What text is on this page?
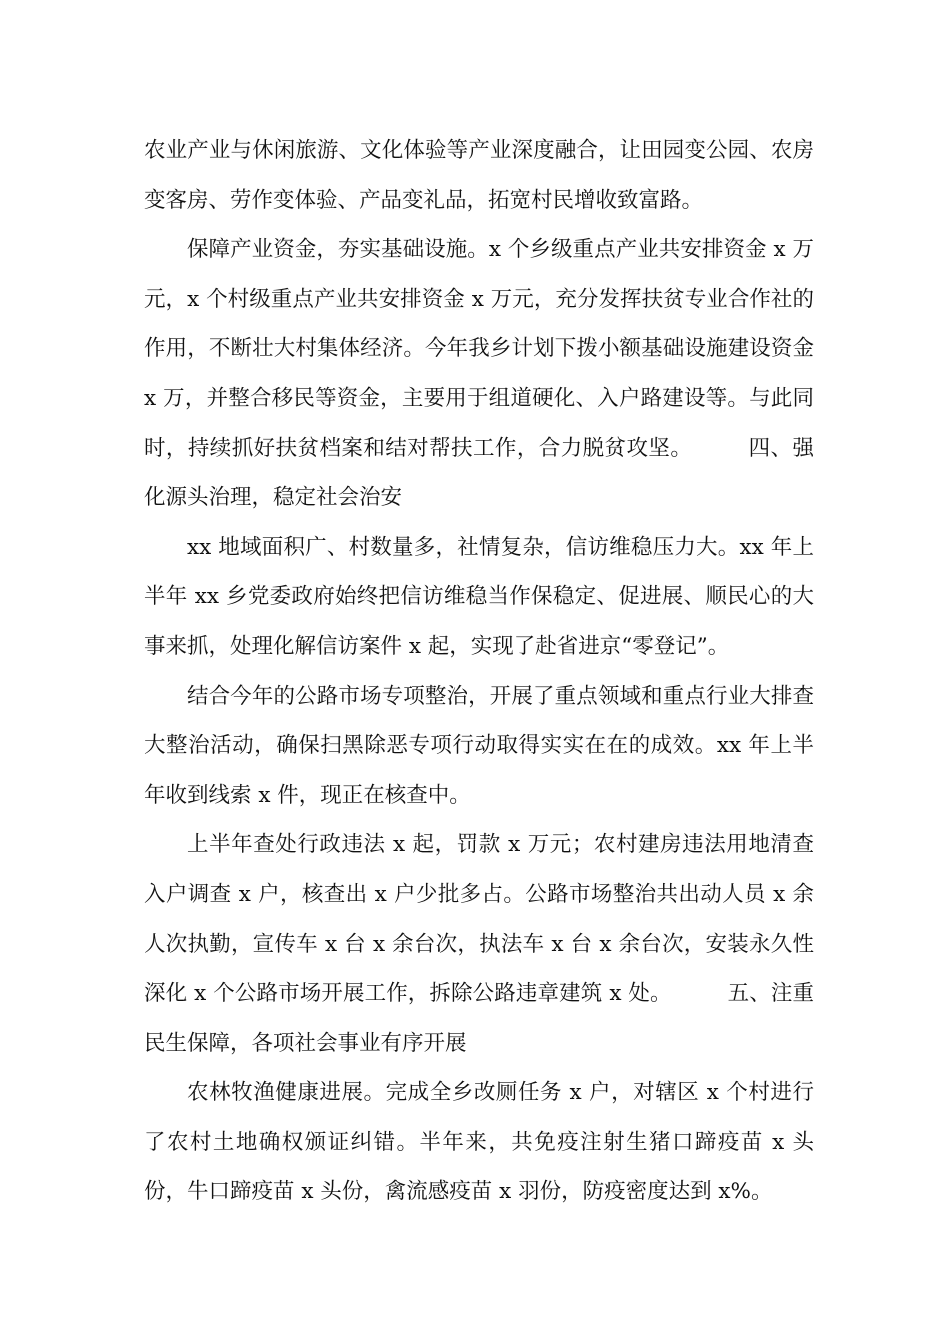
农业产业与休闲旅游、文化体验等产业深度融合，让田园变公园、农房变客房、劳作变体验、产品变礼品，拓宽村民增收致富路。

保障产业资金，夯实基础设施。x 个乡级重点产业共安排资金 x 万元，x 个村级重点产业共安排资金 x 万元，充分发挥扶贫专业合作社的作用，不断壮大村集体经济。今年我乡计划下拨小额基础设施建设资金 x 万，并整合移民等资金，主要用于组道硬化、入户路建设等。与此同时，持续抓好扶贫档案和结对帮扶工作，合力脱贫攻坚。	四、强化源头治理，稳定社会治安

xx 地域面积广、村数量多，社情复杂，信访维稳压力大。xx 年上半年 xx 乡党委政府始终把信访维稳当作保稳定、促进展、顺民心的大事来抓，处理化解信访案件 x 起，实现了赴省进京“零登记”。

结合今年的公路市场专项整治，开展了重点领域和重点行业大排查大整治活动，确保扫黑除恶专项行动取得实实在在的成效。xx 年上半年收到线索 x 件，现正在核查中。

上半年查处行政违法 x 起，罚款 x 万元；农村建房违法用地清查入户调查 x 户，核查出 x 户少批多占。公路市场整治共出动人员 x 余人次执勤，宣传车 x 台 x 余台次，执法车 x 台 x 余台次，安装永久性深化 x 个公路市场开展工作，拆除公路违章建筑 x 处。	五、注重民生保障，各项社会事业有序开展

农林牧渔健康进展。完成全乡改厕任务 x 户，对辖区 x 个村进行了农村土地确权颁证纠错。半年来，共免疫注射生猪口蹄疫苗 x 头份，牛口蹄疫苗 x 头份，禽流感疫苗 x 羽份，防疫密度达到 x%。
